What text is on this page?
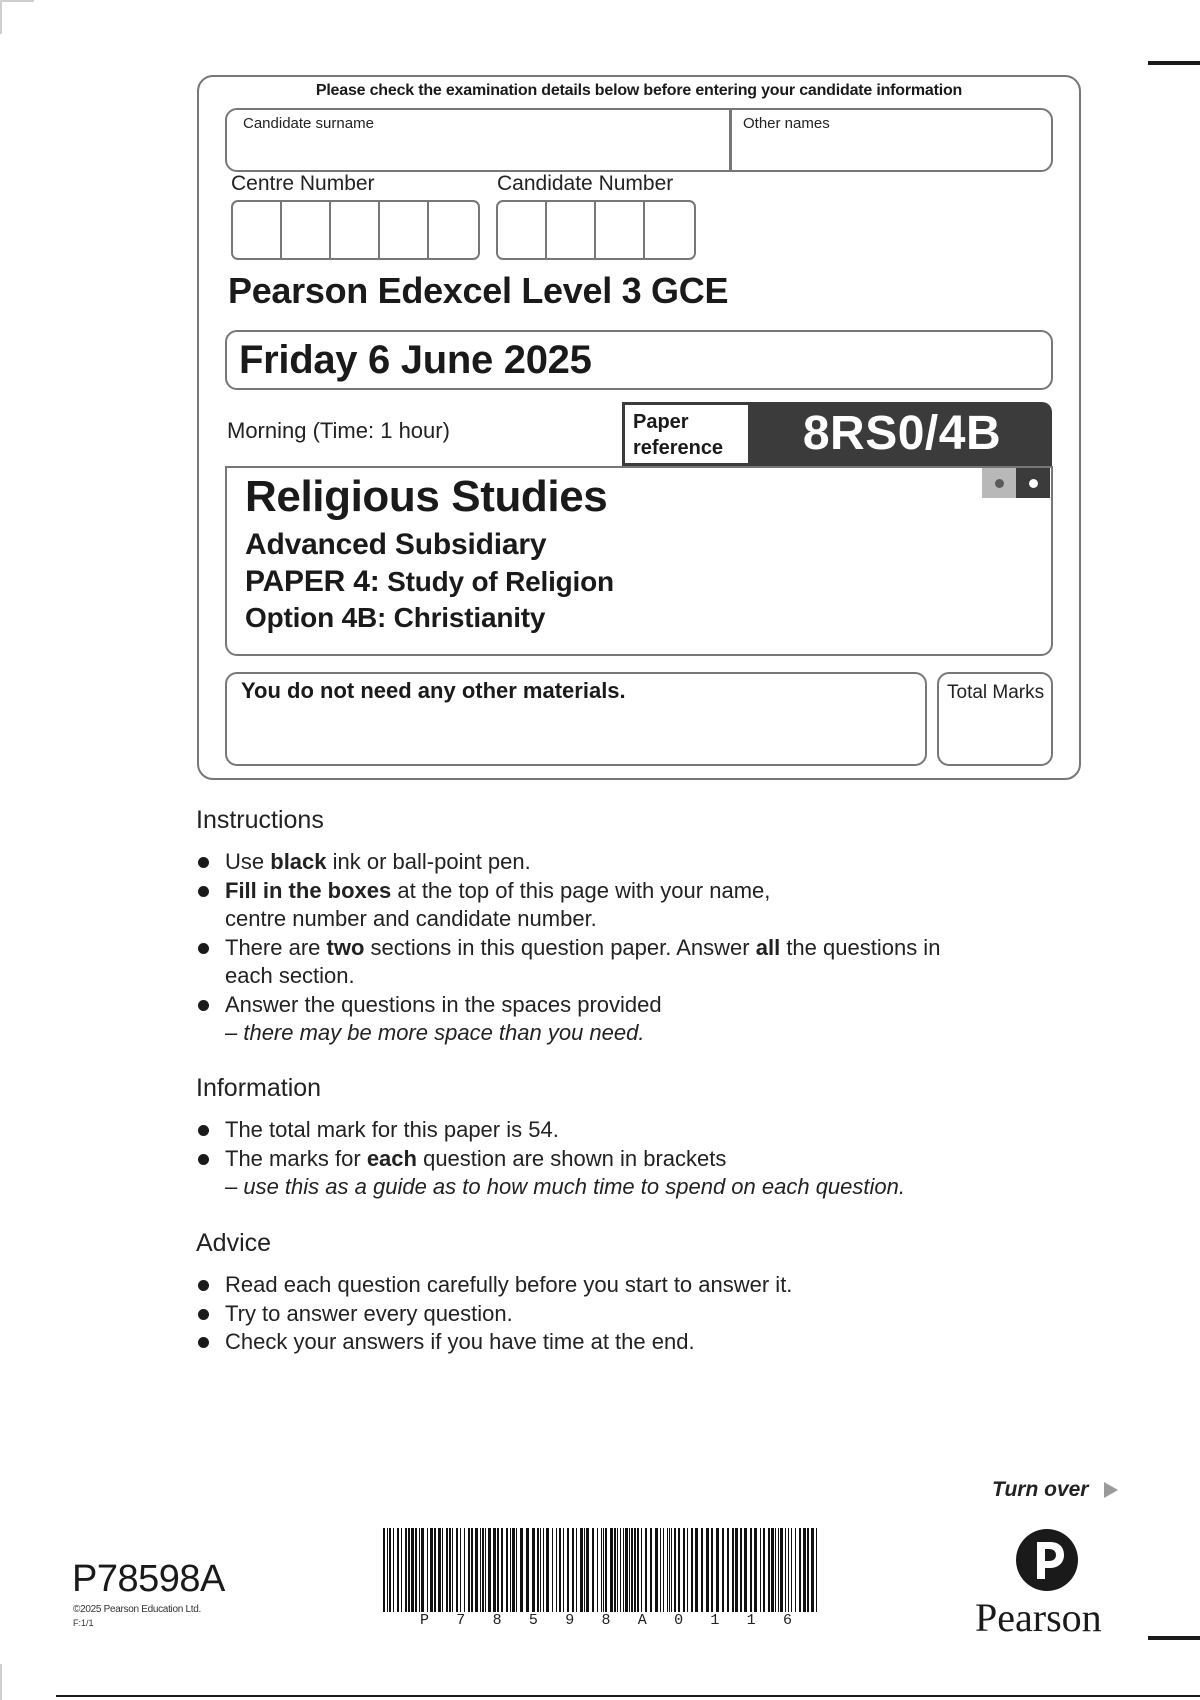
Please check the examination details below before entering your candidate information
Candidate surname	Other names
Centre Number	Candidate Number
Pearson Edexcel Level 3 GCE
Friday 6 June 2025
Morning (Time: 1 hour)	Paper
reference	8RS0/4B
Religious Studies
Advanced Subsidiary
PAPER 4: Study of Religion
Option 4B: Christianity
You do not need any other materials.	Total Marks
Instructions
Use black ink or ball-point pen.
Fill in the boxes at the top of this page with your name,
centre number and candidate number.
There are two sections in this question paper. Answer all the questions in
each section.
Answer the questions in the spaces provided
– there may be more space than you need.
Information
The total mark for this paper is 54.
The marks for each question are shown in brackets
– use this as a guide as to how much time to spend on each question.
Advice
Read each question carefully before you start to answer it.
Try to answer every question.
Check your answers if you have time at the end.
Turn over
P78598A
©2025 Pearson Education Ltd.
F:1/1	P 7 8 5 9 8 A 0 1 1 6	Pearson
